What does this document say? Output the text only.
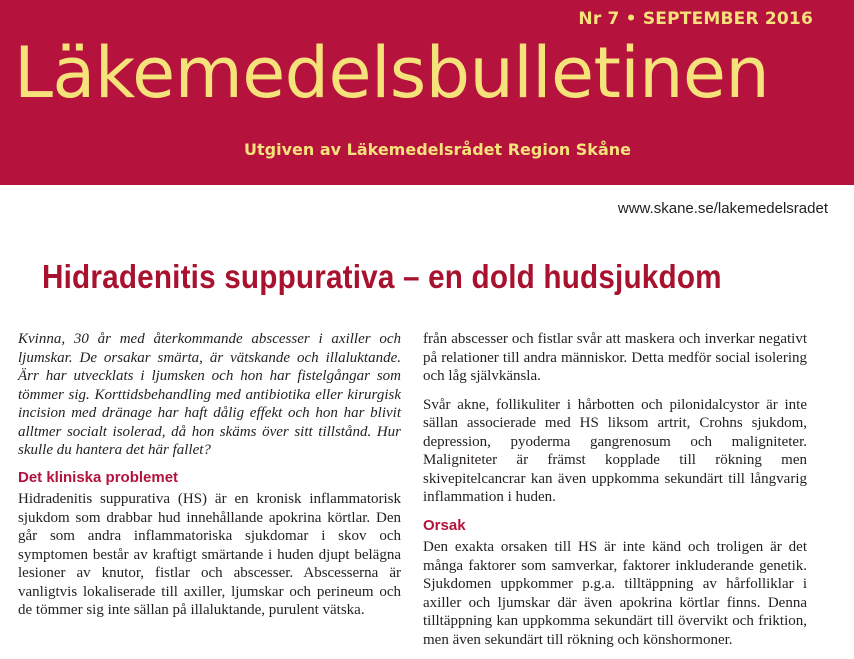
Nr 7 • SEPTEMBER 2016
Läkemedelsbulletinen
Utgiven av Läkemedelsrådet Region Skåne
www.skane.se/lakemedelsradet
Hidradenitis suppurativa – en dold hudsjukdom

Kvinna, 30 år med återkommande abscesser i axiller och ljumskar. De orsakar smärta, är vätskande och illaluktande. Ärr har utvecklats i ljumsken och hon har fistelgångar som tömmer sig. Korttidsbehandling med antibiotika eller kirurgisk incision med dränage har haft dålig effekt och hon har blivit alltmer socialt isolerad, då hon skäms över sitt tillstånd. Hur skulle du hantera det här fallet?

Det kliniska problemet

Hidradenitis suppurativa (HS) är en kronisk inflammatorisk sjukdom som drabbar hud innehållande apokrina körtlar. Den går som andra inflammatoriska sjukdomar i skov och symptomen består av kraftigt smärtande i huden djupt belägna lesioner av knutor, fistlar och abscesser. Abscesserna är vanligtvis lokaliserade till axiller, ljumskar och perineum och de tömmer sig inte sällan på illaluktande, purulent vätska.

från abscesser och fistlar svår att maskera och inverkar negativt på relationer till andra människor. Detta medför social isolering och låg självkänsla.

Svår akne, follikuliter i hårbotten och pilonidalcystor är inte sällan associerade med HS liksom artrit, Crohns sjukdom, depression, pyoderma gangrenosum och maligniteter. Maligniteter är främst kopplade till rökning men skivepitelcancrar kan även uppkomma sekundärt till långvarig inflammation i huden.

Orsak

Den exakta orsaken till HS är inte känd och troligen är det många faktorer som samverkar, faktorer inkluderande genetik. Sjukdomen uppkommer p.g.a. tilltäppning av hårfolliklar i axiller och ljumskar där även apokrina körtlar finns. Denna tilltäppning kan uppkomma sekundärt till övervikt och friktion, men även sekundärt till rökning och könshormoner.
